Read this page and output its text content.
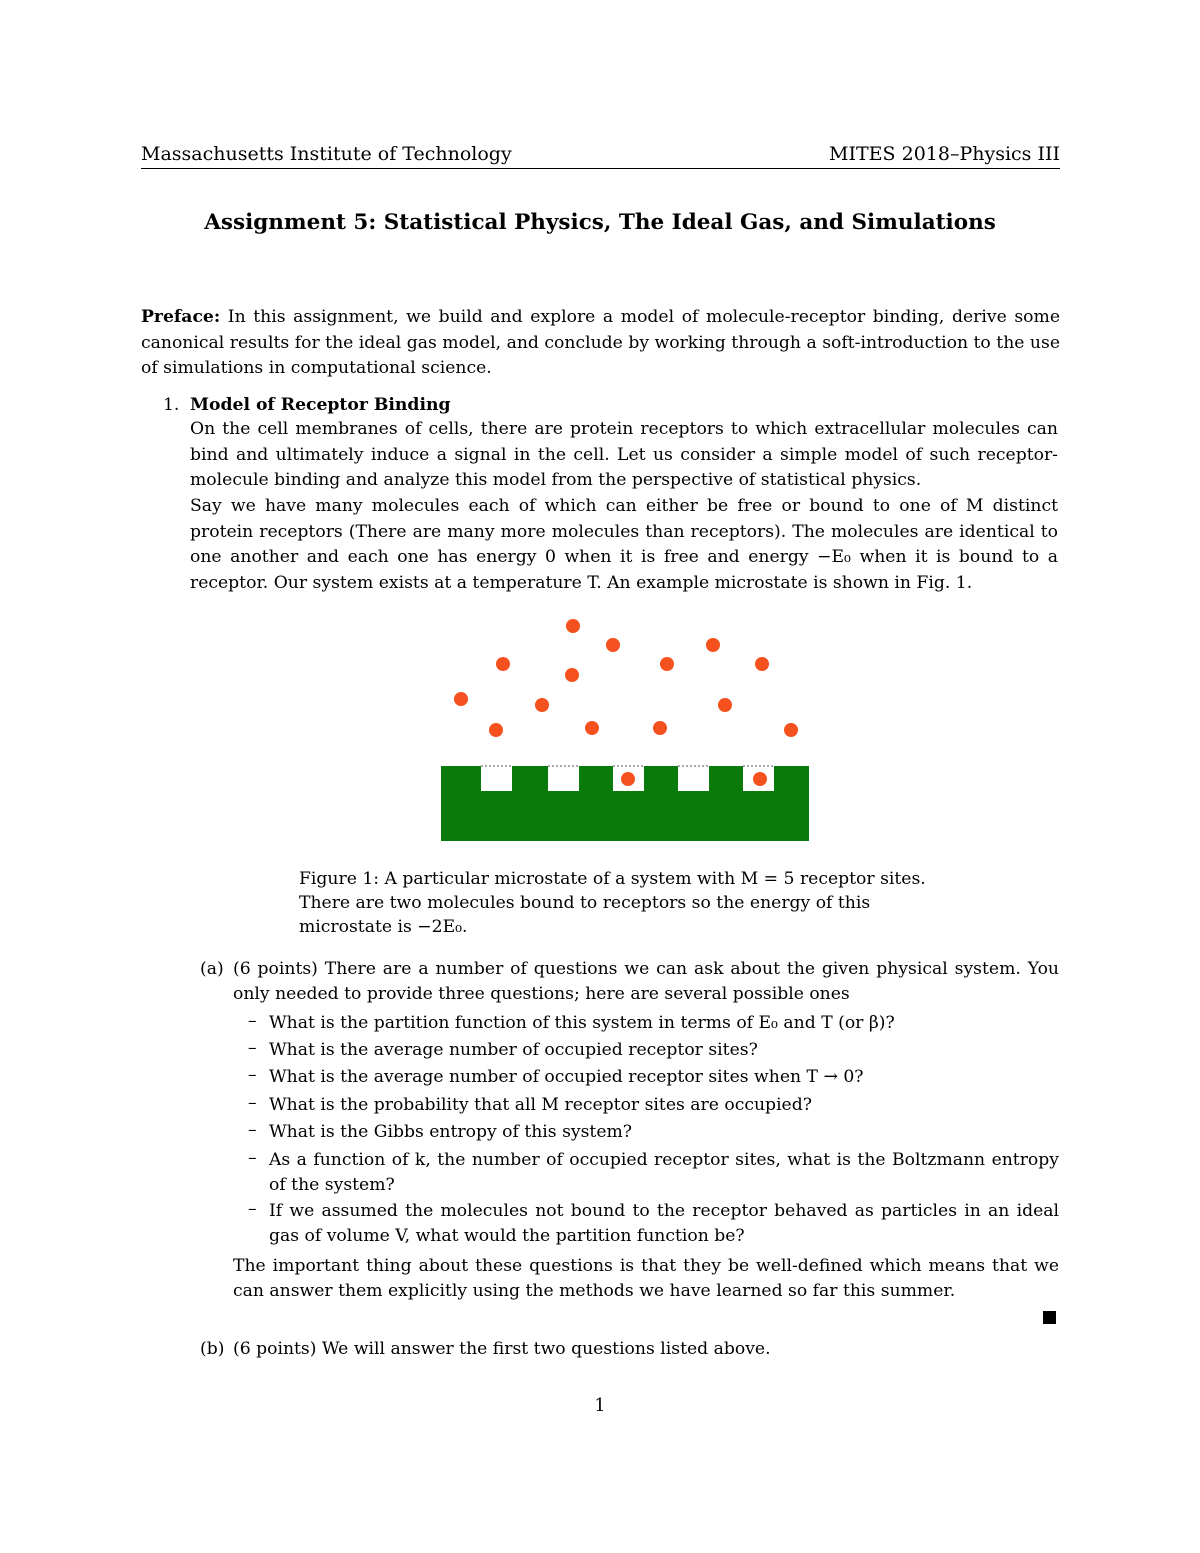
Massachusetts Institute of Technology	MITES 2018–Physics III
Assignment 5: Statistical Physics, The Ideal Gas, and Simulations
Preface: In this assignment, we build and explore a model of molecule-receptor binding, derive some canonical results for the ideal gas model, and conclude by working through a soft-introduction to the use of simulations in computational science.
1. Model of Receptor Binding
On the cell membranes of cells, there are protein receptors to which extracellular molecules can bind and ultimately induce a signal in the cell. Let us consider a simple model of such receptor-molecule binding and analyze this model from the perspective of statistical physics.
Say we have many molecules each of which can either be free or bound to one of M distinct protein receptors (There are many more molecules than receptors). The molecules are identical to one another and each one has energy 0 when it is free and energy −E₀ when it is bound to a receptor. Our system exists at a temperature T. An example microstate is shown in Fig. 1.
Figure 1: A particular microstate of a system with M = 5 receptor sites. There are two molecules bound to receptors so the energy of this microstate is −2E₀.
(a) (6 points) There are a number of questions we can ask about the given physical system. You only needed to provide three questions; here are several possible ones
– What is the partition function of this system in terms of E₀ and T (or β)?
– What is the average number of occupied receptor sites?
– What is the average number of occupied receptor sites when T → 0?
– What is the probability that all M receptor sites are occupied?
– What is the Gibbs entropy of this system?
– As a function of k, the number of occupied receptor sites, what is the Boltzmann entropy of the system?
– If we assumed the molecules not bound to the receptor behaved as particles in an ideal gas of volume V, what would the partition function be?
The important thing about these questions is that they be well-defined which means that we can answer them explicitly using the methods we have learned so far this summer.
(b) (6 points) We will answer the first two questions listed above.
1
